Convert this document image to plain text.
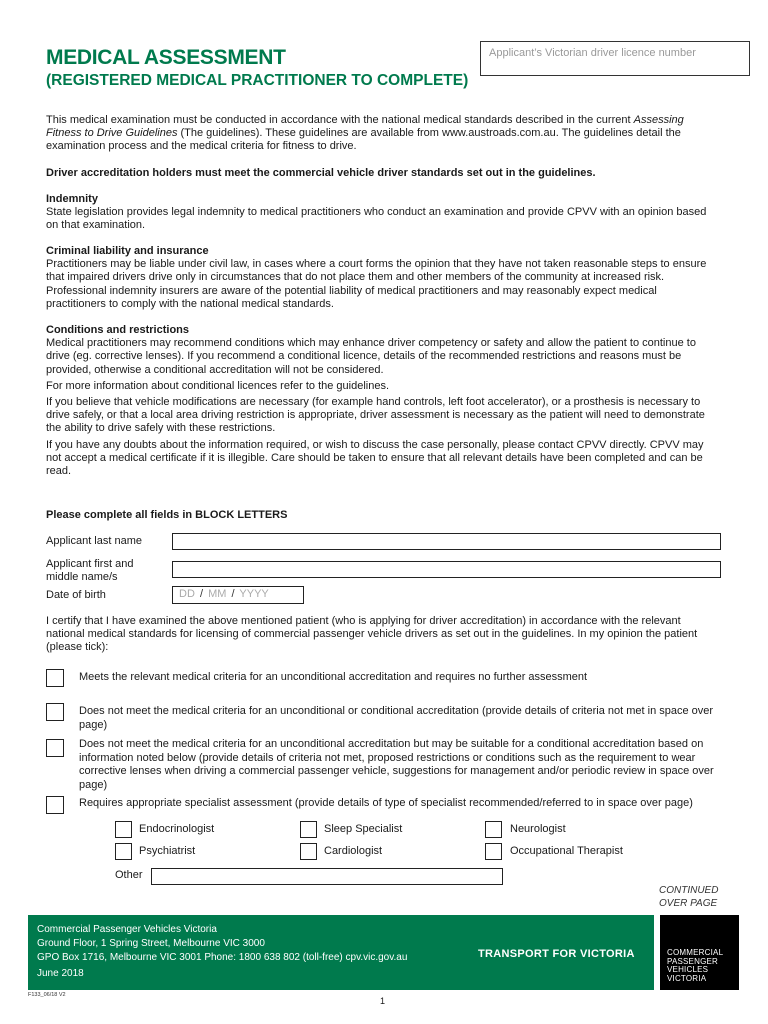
MEDICAL ASSESSMENT
(REGISTERED MEDICAL PRACTITIONER TO COMPLETE)
Applicant’s Victorian driver licence number

This medical examination must be conducted in accordance with the national medical standards described in the current Assessing Fitness to Drive Guidelines (The guidelines). These guidelines are available from www.austroads.com.au. The guidelines detail the examination process and the medical criteria for fitness to drive.

Driver accreditation holders must meet the commercial vehicle driver standards set out in the guidelines.

Indemnity

State legislation provides legal indemnity to medical practitioners who conduct an examination and provide CPVV with an opinion based on that examination.

Criminal liability and insurance

Practitioners may be liable under civil law, in cases where a court forms the opinion that they have not taken reasonable steps to ensure that impaired drivers drive only in circumstances that do not place them and other members of the community at increased risk. Professional indemnity insurers are aware of the potential liability of medical practitioners and may reasonably expect medical practitioners to comply with the national medical standards.

Conditions and restrictions

Medical practitioners may recommend conditions which may enhance driver competency or safety and allow the patient to continue to drive (eg. corrective lenses). If you recommend a conditional licence, details of the recommended restrictions and reasons must be provided, otherwise a conditional accreditation will not be considered.

For more information about conditional licences refer to the guidelines.

If you believe that vehicle modifications are necessary (for example hand controls, left foot accelerator), or a prosthesis is necessary to drive safely, or that a local area driving restriction is appropriate, driver assessment is necessary as the patient will need to demonstrate the ability to drive safely with these restrictions.

If you have any doubts about the information required, or wish to discuss the case personally, please contact CPVV directly. CPVV may not accept a medical certificate if it is illegible. Care should be taken to ensure that all relevant details have been completed and can be read.

Please complete all fields in BLOCK LETTERS
Applicant last name
Applicant first and middle name/s
Date of birth	DD / MM / YYYY
I certify that I have examined the above mentioned patient (who is applying for driver accreditation) in accordance with the relevant national medical standards for licensing of commercial passenger vehicle drivers as set out in the guidelines. In my opinion the patient (please tick):
Meets the relevant medical criteria for an unconditional accreditation and requires no further assessment
Does not meet the medical criteria for an unconditional or conditional accreditation (provide details of criteria not met in space over page)
Does not meet the medical criteria for an unconditional accreditation but may be suitable for a conditional accreditation based on information noted below (provide details of criteria not met, proposed restrictions or conditions such as the requirement to wear corrective lenses when driving a commercial passenger vehicle, suggestions for management and/or periodic review in space over page)
Requires appropriate specialist assessment (provide details of type of specialist recommended/referred to in space over page)
Endocrinologist	Sleep Specialist	Neurologist
Psychiatrist	Cardiologist	Occupational Therapist
Other
CONTINUED
OVER PAGE
Commercial Passenger Vehicles Victoria
Ground Floor, 1 Spring Street, Melbourne VIC 3000
GPO Box 1716, Melbourne VIC 3001 Phone: 1800 638 802 (toll-free) cpv.vic.gov.au
June 2018
TRANSPORT FOR VICTORIA	COMMERCIAL
PASSENGER
VEHICLES
VICTORIA
F133_06/18 V2
1
